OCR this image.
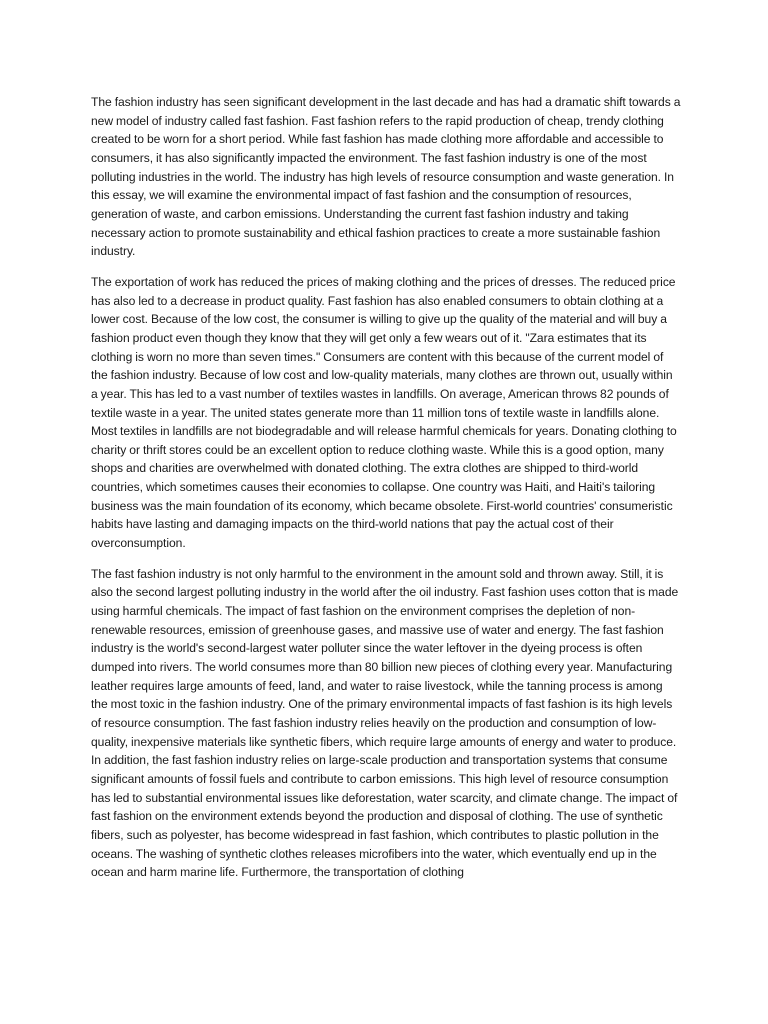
The fashion industry has seen significant development in the last decade and has had a dramatic shift towards a new model of industry called fast fashion. Fast fashion refers to the rapid production of cheap, trendy clothing created to be worn for a short period. While fast fashion has made clothing more affordable and accessible to consumers, it has also significantly impacted the environment. The fast fashion industry is one of the most polluting industries in the world. The industry has high levels of resource consumption and waste generation. In this essay, we will examine the environmental impact of fast fashion and the consumption of resources, generation of waste, and carbon emissions. Understanding the current fast fashion industry and taking necessary action to promote sustainability and ethical fashion practices to create a more sustainable fashion industry.

The exportation of work has reduced the prices of making clothing and the prices of dresses. The reduced price has also led to a decrease in product quality. Fast fashion has also enabled consumers to obtain clothing at a lower cost. Because of the low cost, the consumer is willing to give up the quality of the material and will buy a fashion product even though they know that they will get only a few wears out of it. "Zara estimates that its clothing is worn no more than seven times." Consumers are content with this because of the current model of the fashion industry. Because of low cost and low-quality materials, many clothes are thrown out, usually within a year. This has led to a vast number of textiles wastes in landfills. On average, American throws 82 pounds of textile waste in a year. The united states generate more than 11 million tons of textile waste in landfills alone. Most textiles in landfills are not biodegradable and will release harmful chemicals for years. Donating clothing to charity or thrift stores could be an excellent option to reduce clothing waste. While this is a good option, many shops and charities are overwhelmed with donated clothing. The extra clothes are shipped to third-world countries, which sometimes causes their economies to collapse. One country was Haiti, and Haiti's tailoring business was the main foundation of its economy, which became obsolete. First-world countries' consumeristic habits have lasting and damaging impacts on the third-world nations that pay the actual cost of their overconsumption.

The fast fashion industry is not only harmful to the environment in the amount sold and thrown away. Still, it is also the second largest polluting industry in the world after the oil industry. Fast fashion uses cotton that is made using harmful chemicals. The impact of fast fashion on the environment comprises the depletion of non-renewable resources, emission of greenhouse gases, and massive use of water and energy. The fast fashion industry is the world's second-largest water polluter since the water leftover in the dyeing process is often dumped into rivers. The world consumes more than 80 billion new pieces of clothing every year. Manufacturing leather requires large amounts of feed, land, and water to raise livestock, while the tanning process is among the most toxic in the fashion industry. One of the primary environmental impacts of fast fashion is its high levels of resource consumption. The fast fashion industry relies heavily on the production and consumption of low-quality, inexpensive materials like synthetic fibers, which require large amounts of energy and water to produce. In addition, the fast fashion industry relies on large-scale production and transportation systems that consume significant amounts of fossil fuels and contribute to carbon emissions. This high level of resource consumption has led to substantial environmental issues like deforestation, water scarcity, and climate change. The impact of fast fashion on the environment extends beyond the production and disposal of clothing. The use of synthetic fibers, such as polyester, has become widespread in fast fashion, which contributes to plastic pollution in the oceans. The washing of synthetic clothes releases microfibers into the water, which eventually end up in the ocean and harm marine life. Furthermore, the transportation of clothing
